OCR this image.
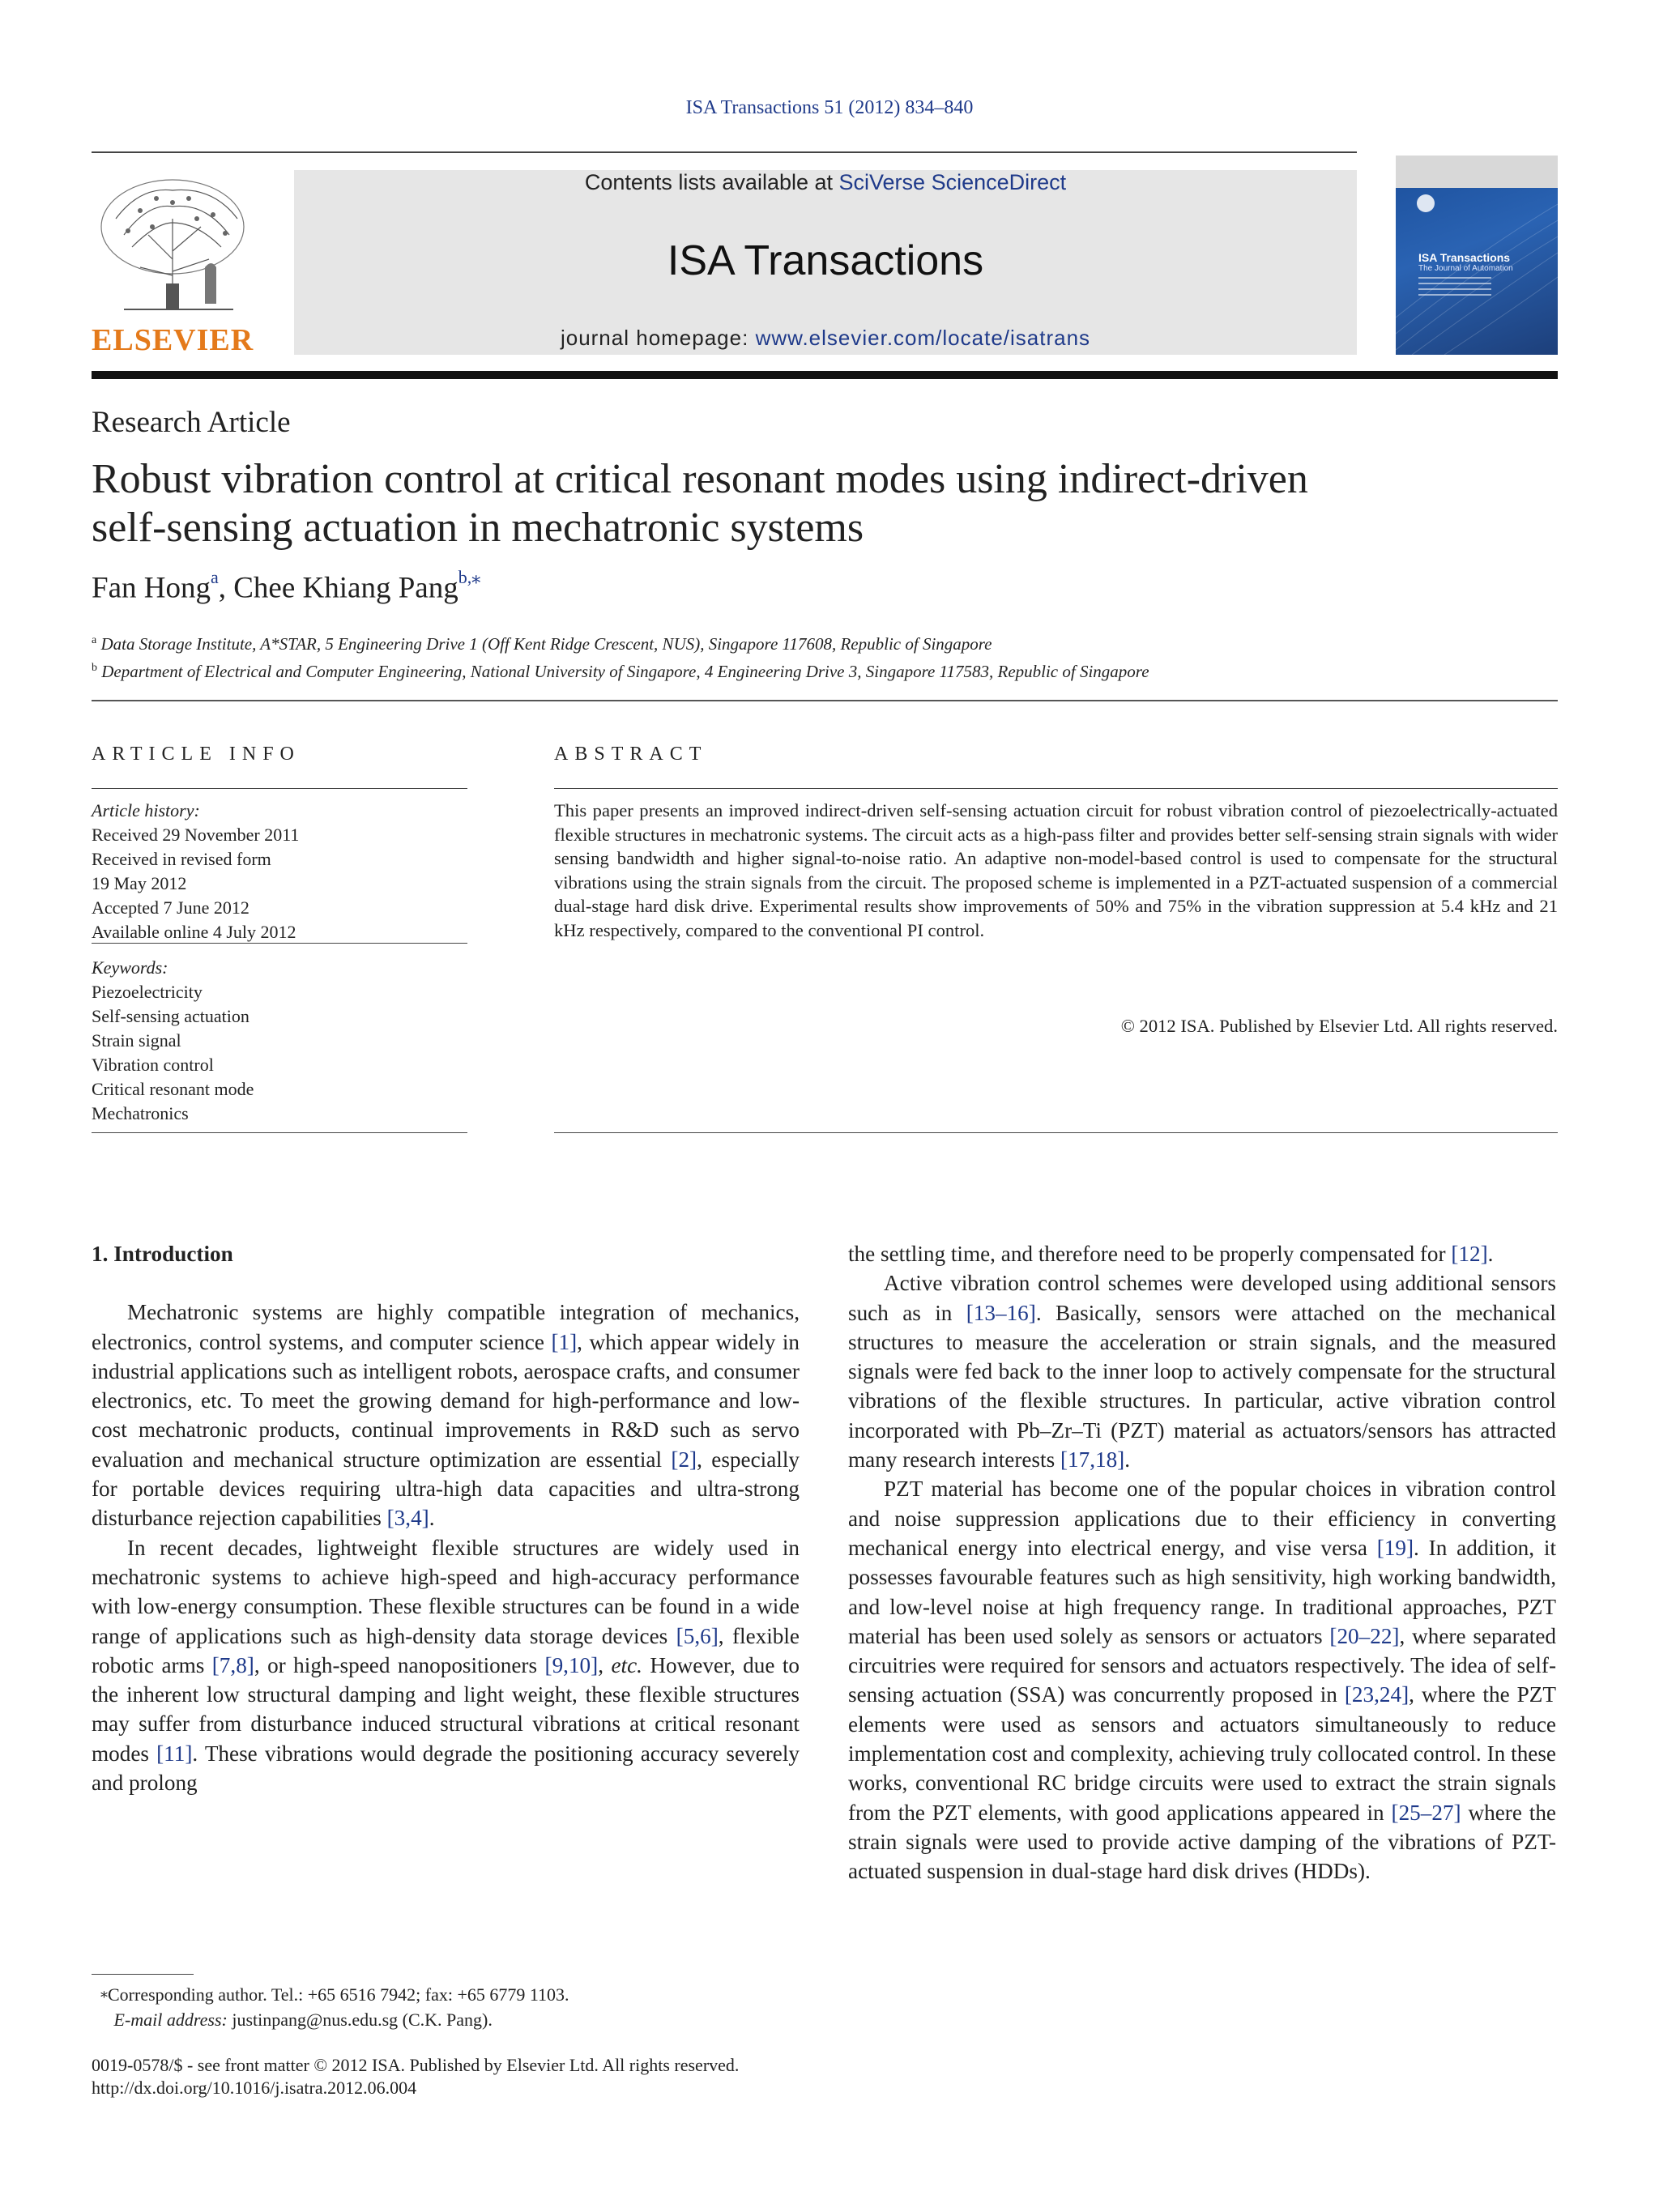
ISA Transactions 51 (2012) 834–840
ELSEVIER
Contents lists available at SciVerse ScienceDirect
ISA Transactions
journal homepage: www.elsevier.com/locate/isatrans
ISA Transactions
The Journal of Automation
Research Article
Robust vibration control at critical resonant modes using indirect-driven
self-sensing actuation in mechatronic systems
Fan Hong$^a$, Chee Khiang Pang$^{b,⁎}$
$^a$ Data Storage Institute, A*STAR, 5 Engineering Drive 1 (Off Kent Ridge Crescent, NUS), Singapore 117608, Republic of Singapore
$^b$ Department of Electrical and Computer Engineering, National University of Singapore, 4 Engineering Drive 3, Singapore 117583, Republic of Singapore
ARTICLE INFO	ABSTRACT
Article history:
Received 29 November 2011
Received in revised form
19 May 2012
Accepted 7 June 2012
Available online 4 July 2012
Keywords:
Piezoelectricity
Self-sensing actuation
Strain signal
Vibration control
Critical resonant mode
Mechatronics
This paper presents an improved indirect-driven self-sensing actuation circuit for robust vibration control of piezoelectrically-actuated flexible structures in mechatronic systems. The circuit acts as a high-pass filter and provides better self-sensing strain signals with wider sensing bandwidth and higher signal-to-noise ratio. An adaptive non-model-based control is used to compensate for the structural vibrations using the strain signals from the circuit. The proposed scheme is implemented in a PZT-actuated suspension of a commercial dual-stage hard disk drive. Experimental results show improvements of 50% and 75% in the vibration suppression at 5.4 kHz and 21 kHz respectively, compared to the conventional PI control.
© 2012 ISA. Published by Elsevier Ltd. All rights reserved.
1. Introduction

Mechatronic systems are highly compatible integration of mechanics, electronics, control systems, and computer science [1], which appear widely in industrial applications such as intelligent robots, aerospace crafts, and consumer electronics, etc. To meet the growing demand for high-performance and low-cost mechatronic products, continual improvements in R&D such as servo evaluation and mechanical structure optimization are essential [2], especially for portable devices requiring ultra-high data capacities and ultra-strong disturbance rejection capabilities [3,4].

In recent decades, lightweight flexible structures are widely used in mechatronic systems to achieve high-speed and high-accuracy performance with low-energy consumption. These flexible structures can be found in a wide range of applications such as high-density data storage devices [5,6], flexible robotic arms [7,8], or high-speed nanopositioners [9,10], etc. However, due to the inherent low structural damping and light weight, these flexible structures may suffer from disturbance induced structural vibrations at critical resonant modes [11]. These vibrations would degrade the positioning accuracy severely and prolong

the settling time, and therefore need to be properly compensated for [12].

Active vibration control schemes were developed using additional sensors such as in [13–16]. Basically, sensors were attached on the mechanical structures to measure the acceleration or strain signals, and the measured signals were fed back to the inner loop to actively compensate for the structural vibrations of the flexible structures. In particular, active vibration control incorporated with Pb–Zr–Ti (PZT) material as actuators/sensors has attracted many research interests [17,18].

PZT material has become one of the popular choices in vibration control and noise suppression applications due to their efficiency in converting mechanical energy into electrical energy, and vise versa [19]. In addition, it possesses favourable features such as high sensitivity, high working bandwidth, and low-level noise at high frequency range. In traditional approaches, PZT material has been used solely as sensors or actuators [20–22], where separated circuitries were required for sensors and actuators respectively. The idea of self-sensing actuation (SSA) was concurrently proposed in [23,24], where the PZT elements were used as sensors and actuators simultaneously to reduce implementation cost and complexity, achieving truly collocated control. In these works, conventional RC bridge circuits were used to extract the strain signals from the PZT elements, with good applications appeared in [25–27] where the strain signals were used to provide active damping of the vibrations of PZT-actuated suspension in dual-stage hard disk drives (HDDs).

⁎Corresponding author. Tel.: +65 6516 7942; fax: +65 6779 1103.
E-mail address: justinpang@nus.edu.sg (C.K. Pang).
0019-0578/$ - see front matter © 2012 ISA. Published by Elsevier Ltd. All rights reserved.
http://dx.doi.org/10.1016/j.isatra.2012.06.004
